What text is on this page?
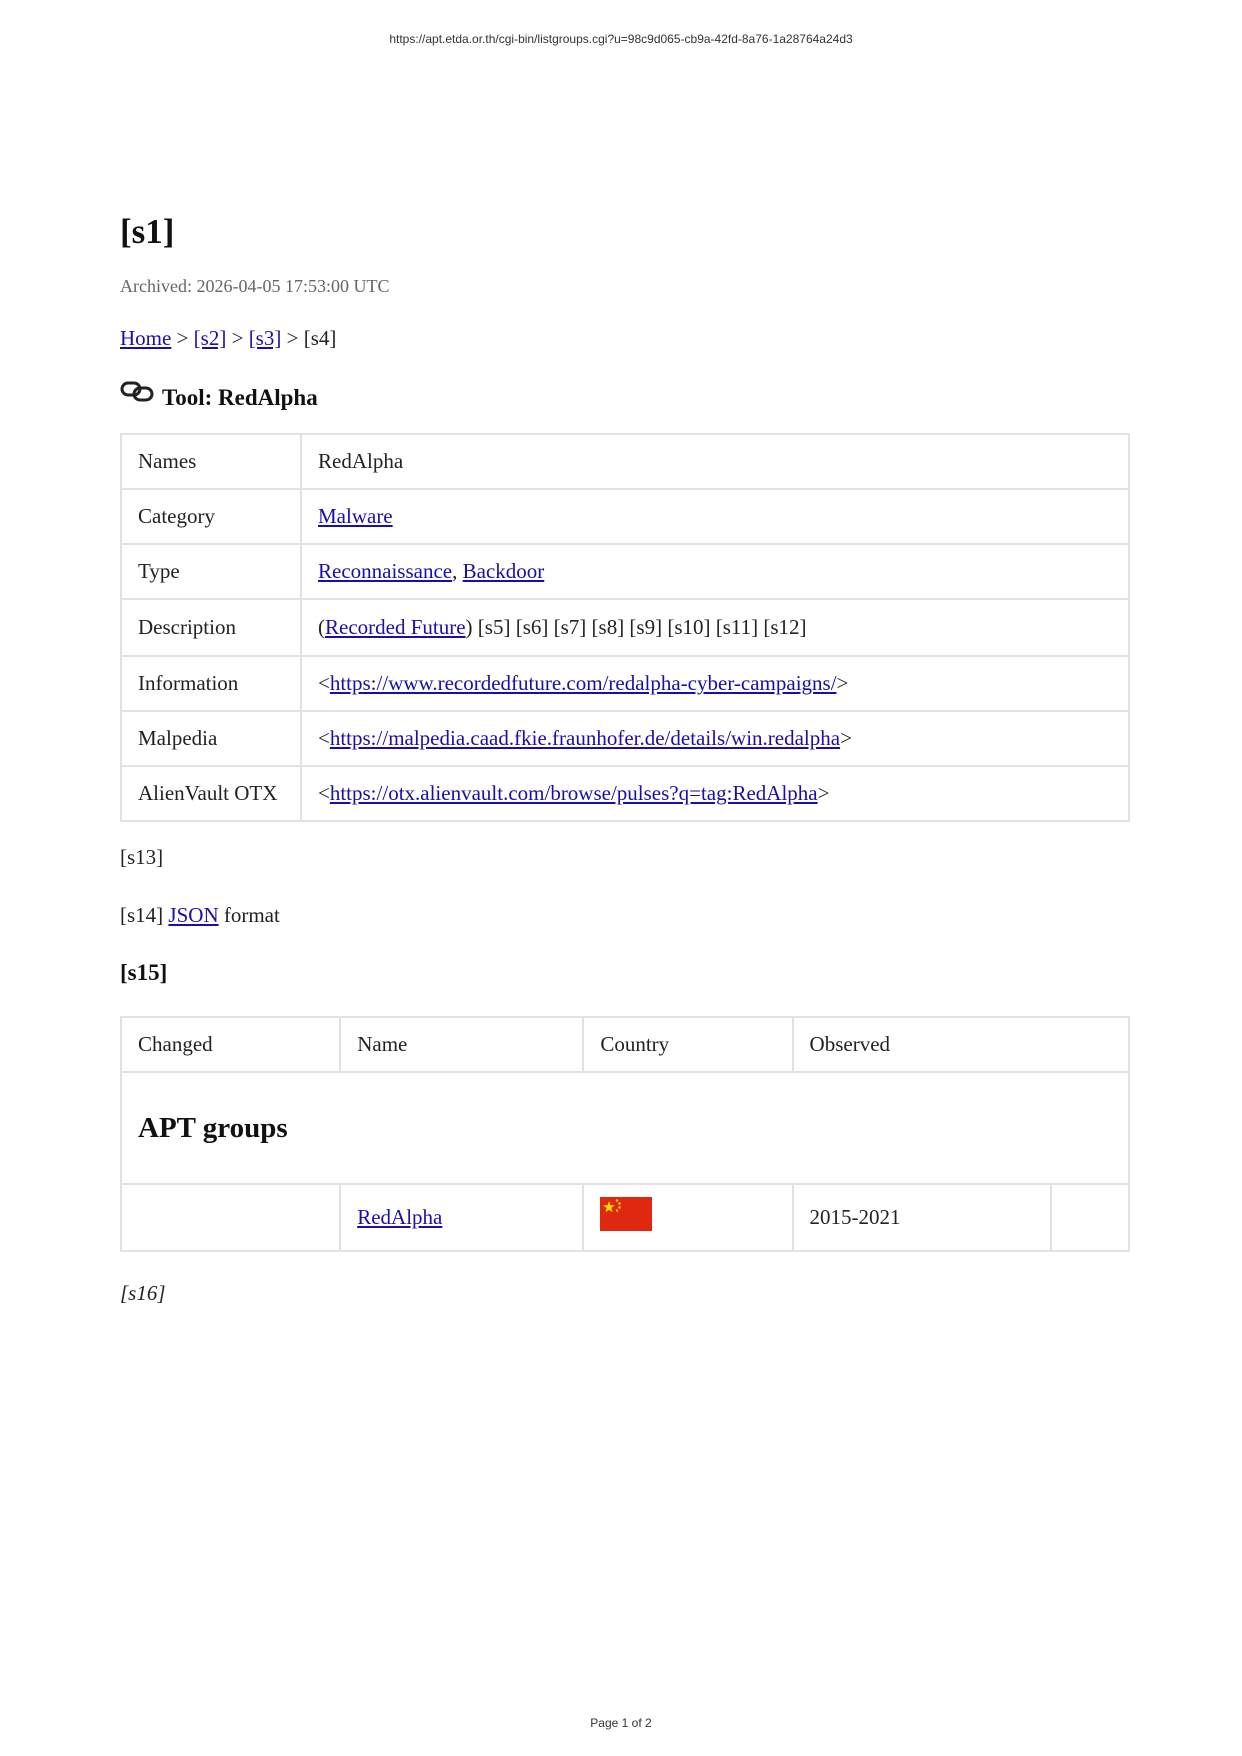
https://apt.etda.or.th/cgi-bin/listgroups.cgi?u=98c9d065-cb9a-42fd-8a76-1a28764a24d3
[s1]
Archived: 2026-04-05 17:53:00 UTC
Home > [s2] > [s3] > [s4]
Tool: RedAlpha
Names	RedAlpha
Category	Malware
Type	Reconnaissance, Backdoor
Description	(Recorded Future) [s5] [s6] [s7] [s8] [s9] [s10] [s11] [s12]
Information	<https://www.recordedfuture.com/redalpha-cyber-campaigns/>
Malpedia	<https://malpedia.caad.fkie.fraunhofer.de/details/win.redalpha>
AlienVault OTX	<https://otx.alienvault.com/browse/pulses?q=tag:RedAlpha>

[s13]

[s14] JSON format

[s15]
Changed	Name	Country	Observed	
APT groups				
	RedAlpha		2015-2021	

[s16]

Page 1 of 2
